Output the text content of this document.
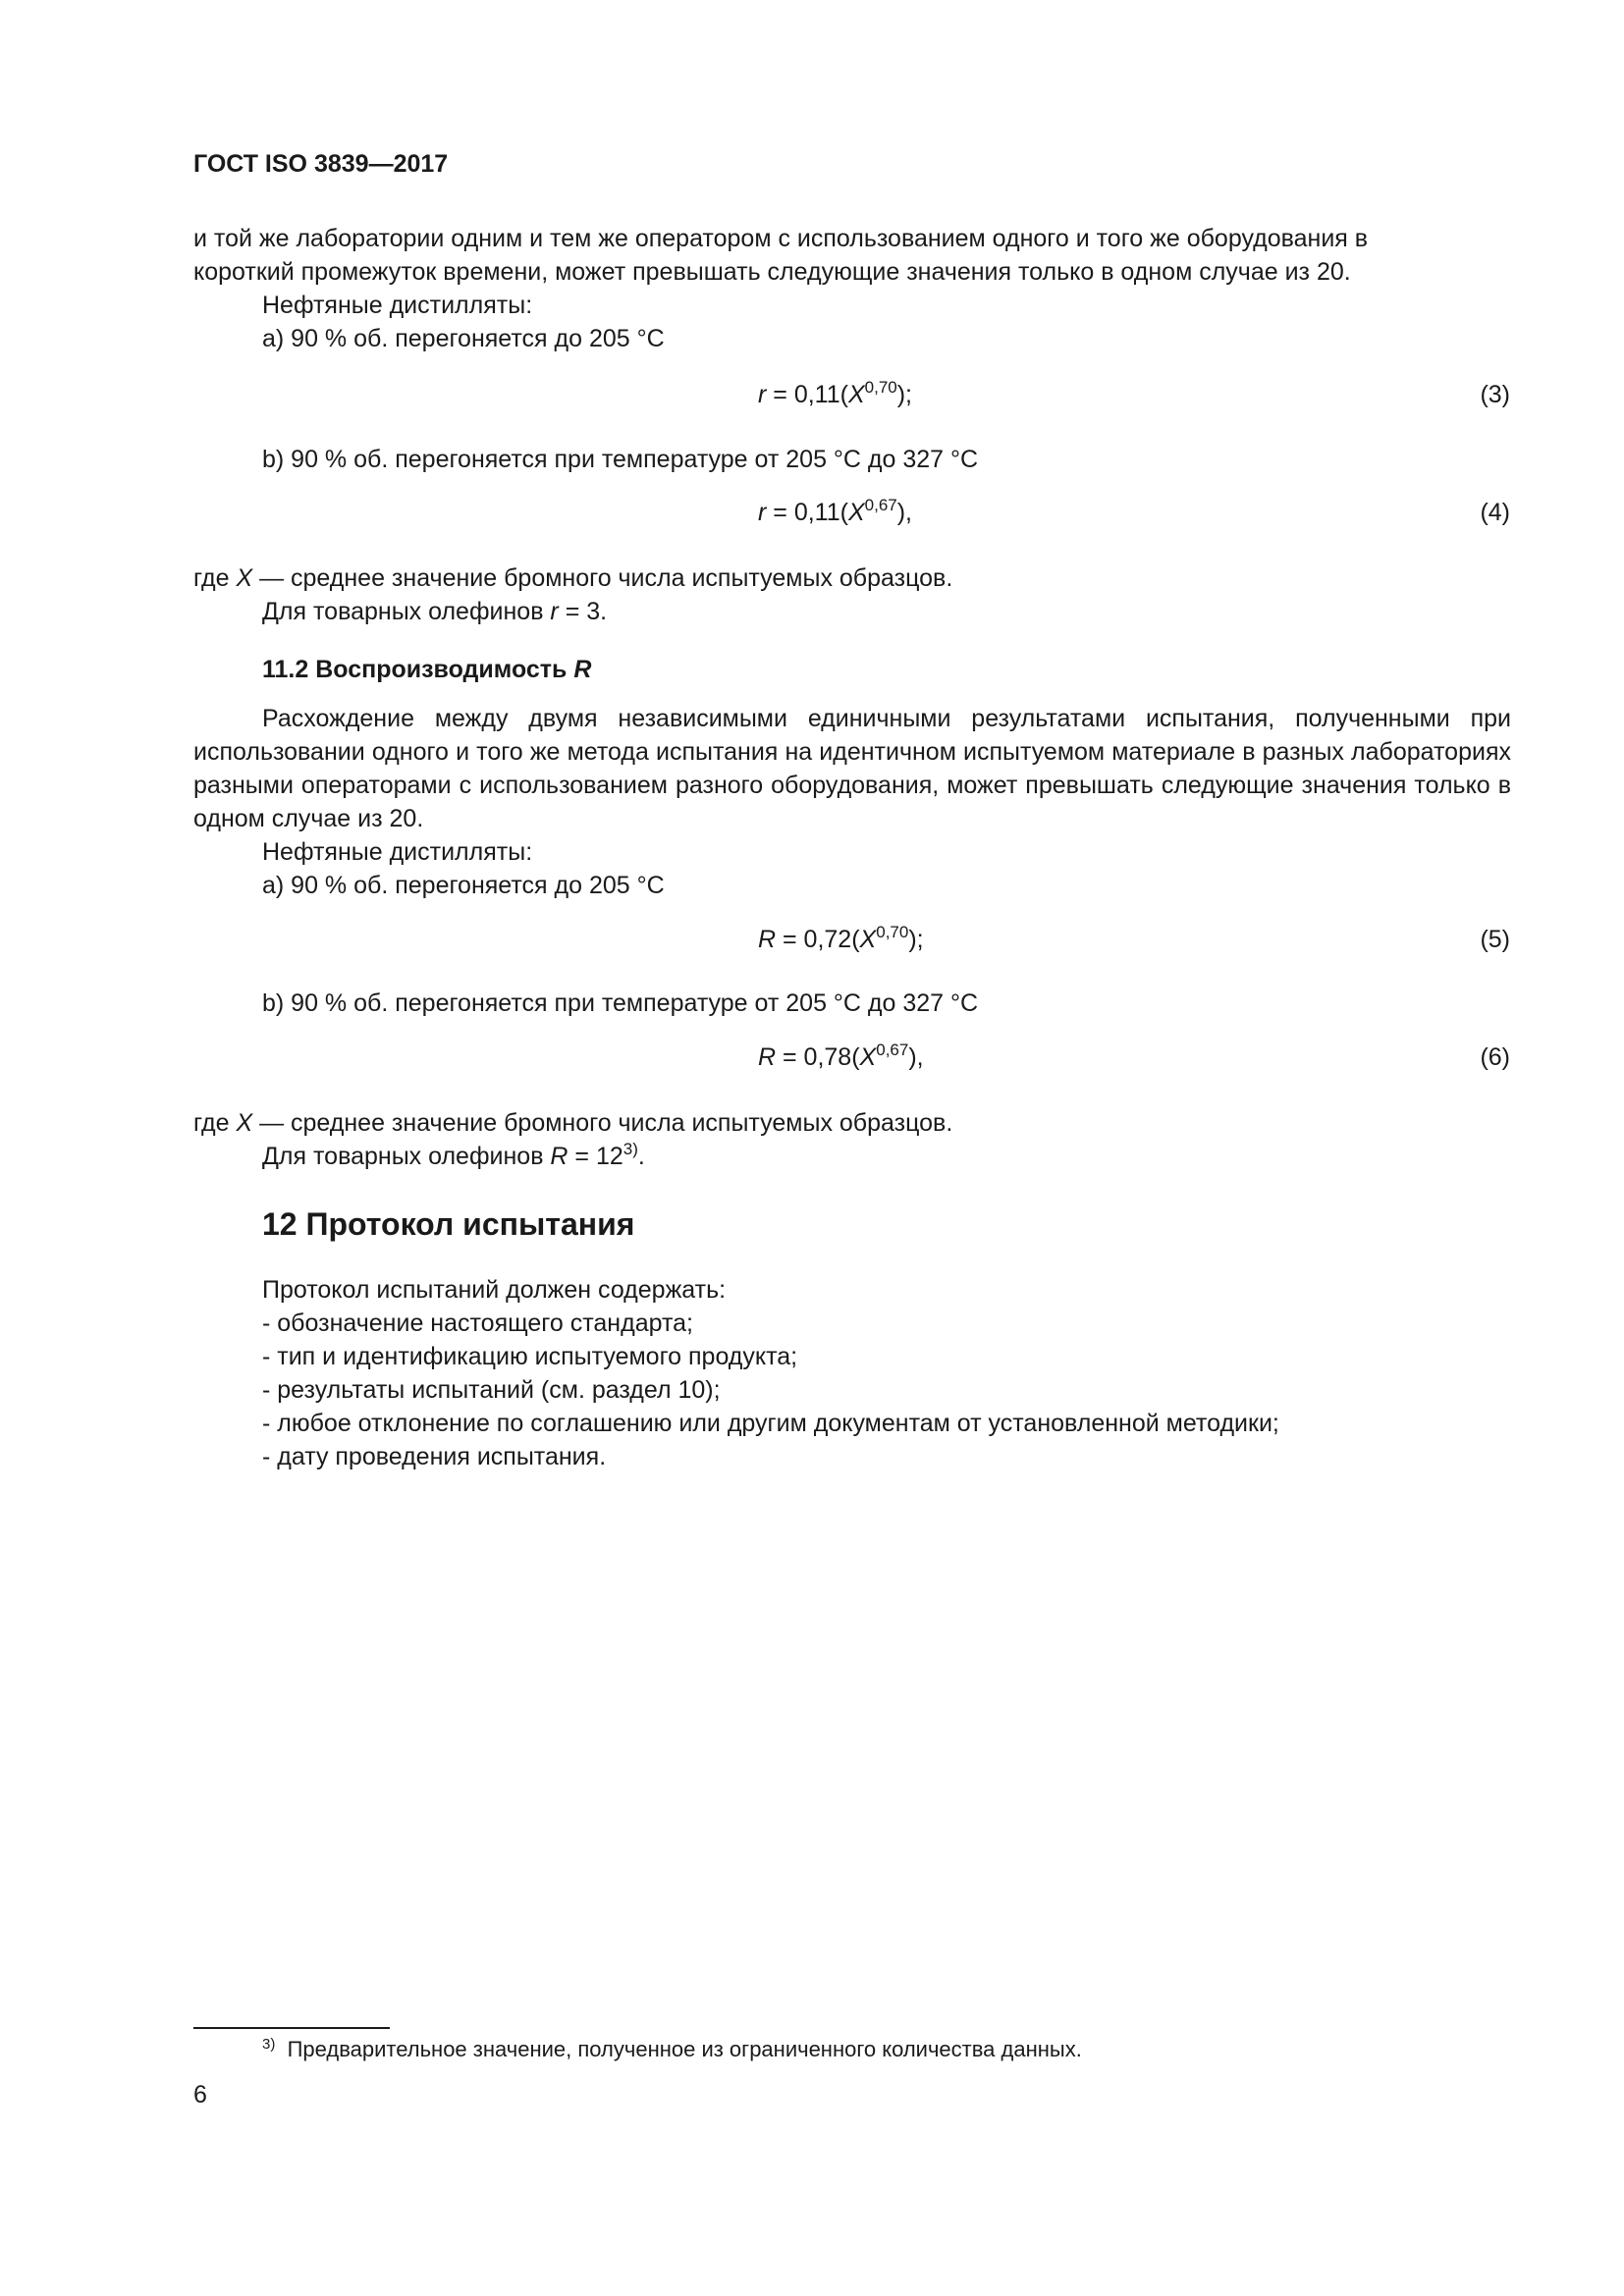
ГОСТ ISO 3839—2017
и той же лаборатории одним и тем же оператором с использованием одного и того же оборудования в
короткий промежуток времени, может превышать следующие значения только в одном случае из 20.
Нефтяные дистилляты:
а) 90 % об. перегоняется до 205 °С
$r = 0,11(X^{0,70})$;	(3)
b) 90 % об. перегоняется при температуре от 205 °С до 327 °С
$r = 0,11(X^{0,67})$,	(4)
где X — среднее значение бромного числа испытуемых образцов.
Для товарных олефинов r = 3.
11.2 Воспроизводимость R
Расхождение между двумя независимыми единичными результатами испытания, полученными при использовании одного и того же метода испытания на идентичном испытуемом материале в разных лабораториях разными операторами с использованием разного оборудования, может превышать следующие значения только в одном случае из 20.
Нефтяные дистилляты:
а) 90 % об. перегоняется до 205 °С
$R = 0,72(X^{0,70})$;	(5)
b) 90 % об. перегоняется при температуре от 205 °С до 327 °С
$R = 0,78(X^{0,67})$,	(6)
где X — среднее значение бромного числа испытуемых образцов.
Для товарных олефинов $R = 12^{3)}$.
12 Протокол испытания
Протокол испытаний должен содержать:
- обозначение настоящего стандарта;
- тип и идентификацию испытуемого продукта;
- результаты испытаний (см. раздел 10);
- любое отклонение по соглашению или другим документам от установленной методики;
- дату проведения испытания.
$^{3)}$ Предварительное значение, полученное из ограниченного количества данных.
6
